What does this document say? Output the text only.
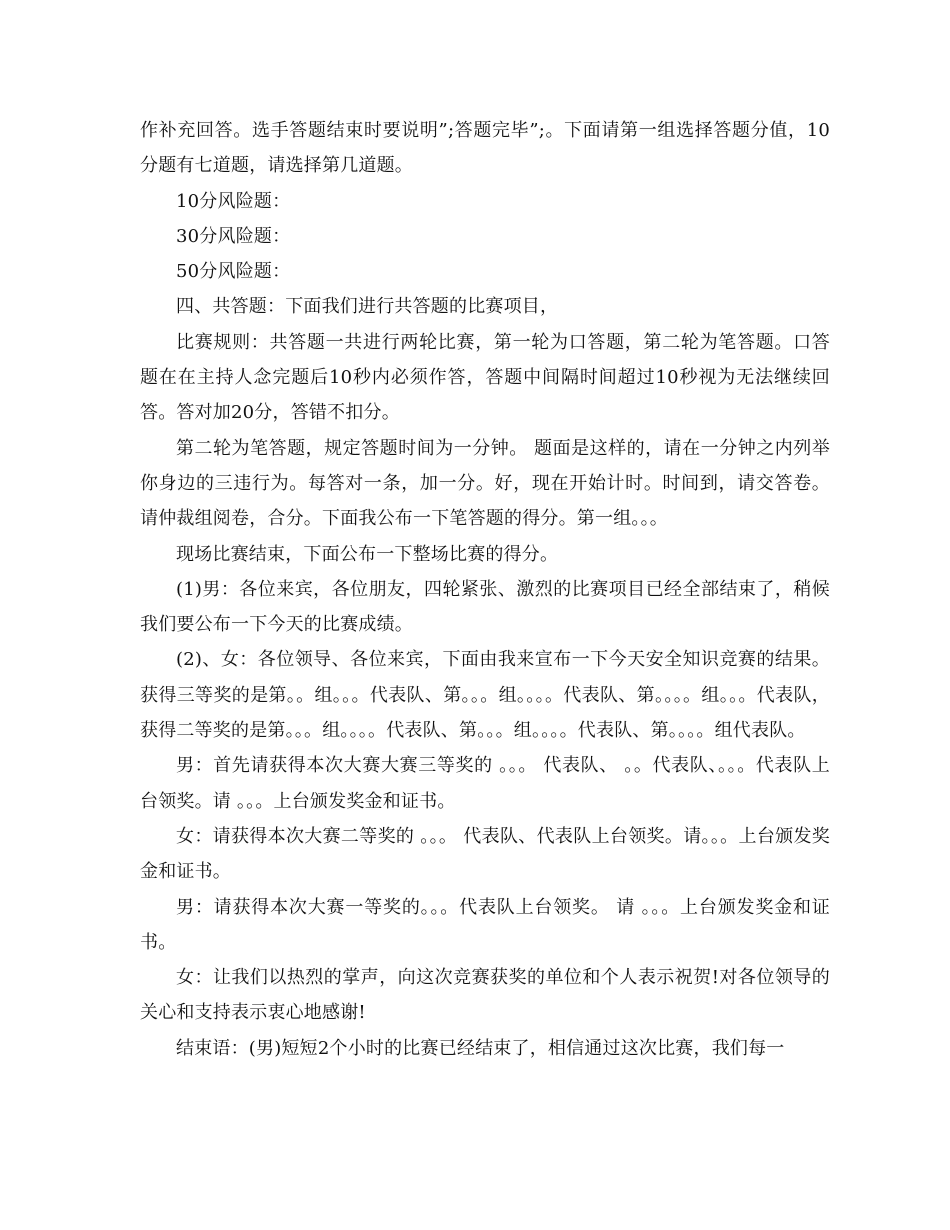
作补充回答。选手答题结束时要说明”;答题完毕”;。下面请第一组选择答题分值，10分题有七道题，请选择第几道题。

10分风险题：

30分风险题：

50分风险题：

四、共答题：下面我们进行共答题的比赛项目，

比赛规则：共答题一共进行两轮比赛，第一轮为口答题，第二轮为笔答题。口答题在在主持人念完题后10秒内必须作答，答题中间隔时间超过10秒视为无法继续回答。答对加20分，答错不扣分。

第二轮为笔答题，规定答题时间为一分钟。 题面是这样的，请在一分钟之内列举你身边的三违行为。每答对一条，加一分。好，现在开始计时。时间到，请交答卷。请仲裁组阅卷，合分。下面我公布一下笔答题的得分。第一组。。。

现场比赛结束，下面公布一下整场比赛的得分。

(1)男：各位来宾，各位朋友，四轮紧张、激烈的比赛项目已经全部结束了，稍候我们要公布一下今天的比赛成绩。

(2)、女：各位领导、各位来宾，下面由我来宣布一下今天安全知识竞赛的结果。获得三等奖的是第。。组。。。代表队、第。。。组。。。。代表队、第。。。。组。。。代表队，获得二等奖的是第。。。组。。。。代表队、第。。。组。。。。代表队、第。。。。组代表队。

男：首先请获得本次大赛大赛三等奖的 。。。 代表队、 。。代表队、。。。代表队上台领奖。请 。。。上台颁发奖金和证书。

女：请获得本次大赛二等奖的 。。。 代表队、代表队上台领奖。请。。。上台颁发奖金和证书。

男：请获得本次大赛一等奖的。。。代表队上台领奖。 请 。。。上台颁发奖金和证书。

女：让我们以热烈的掌声，向这次竞赛获奖的单位和个人表示祝贺!对各位领导的关心和支持表示衷心地感谢!

结束语：(男)短短2个小时的比赛已经结束了，相信通过这次比赛，我们每一
